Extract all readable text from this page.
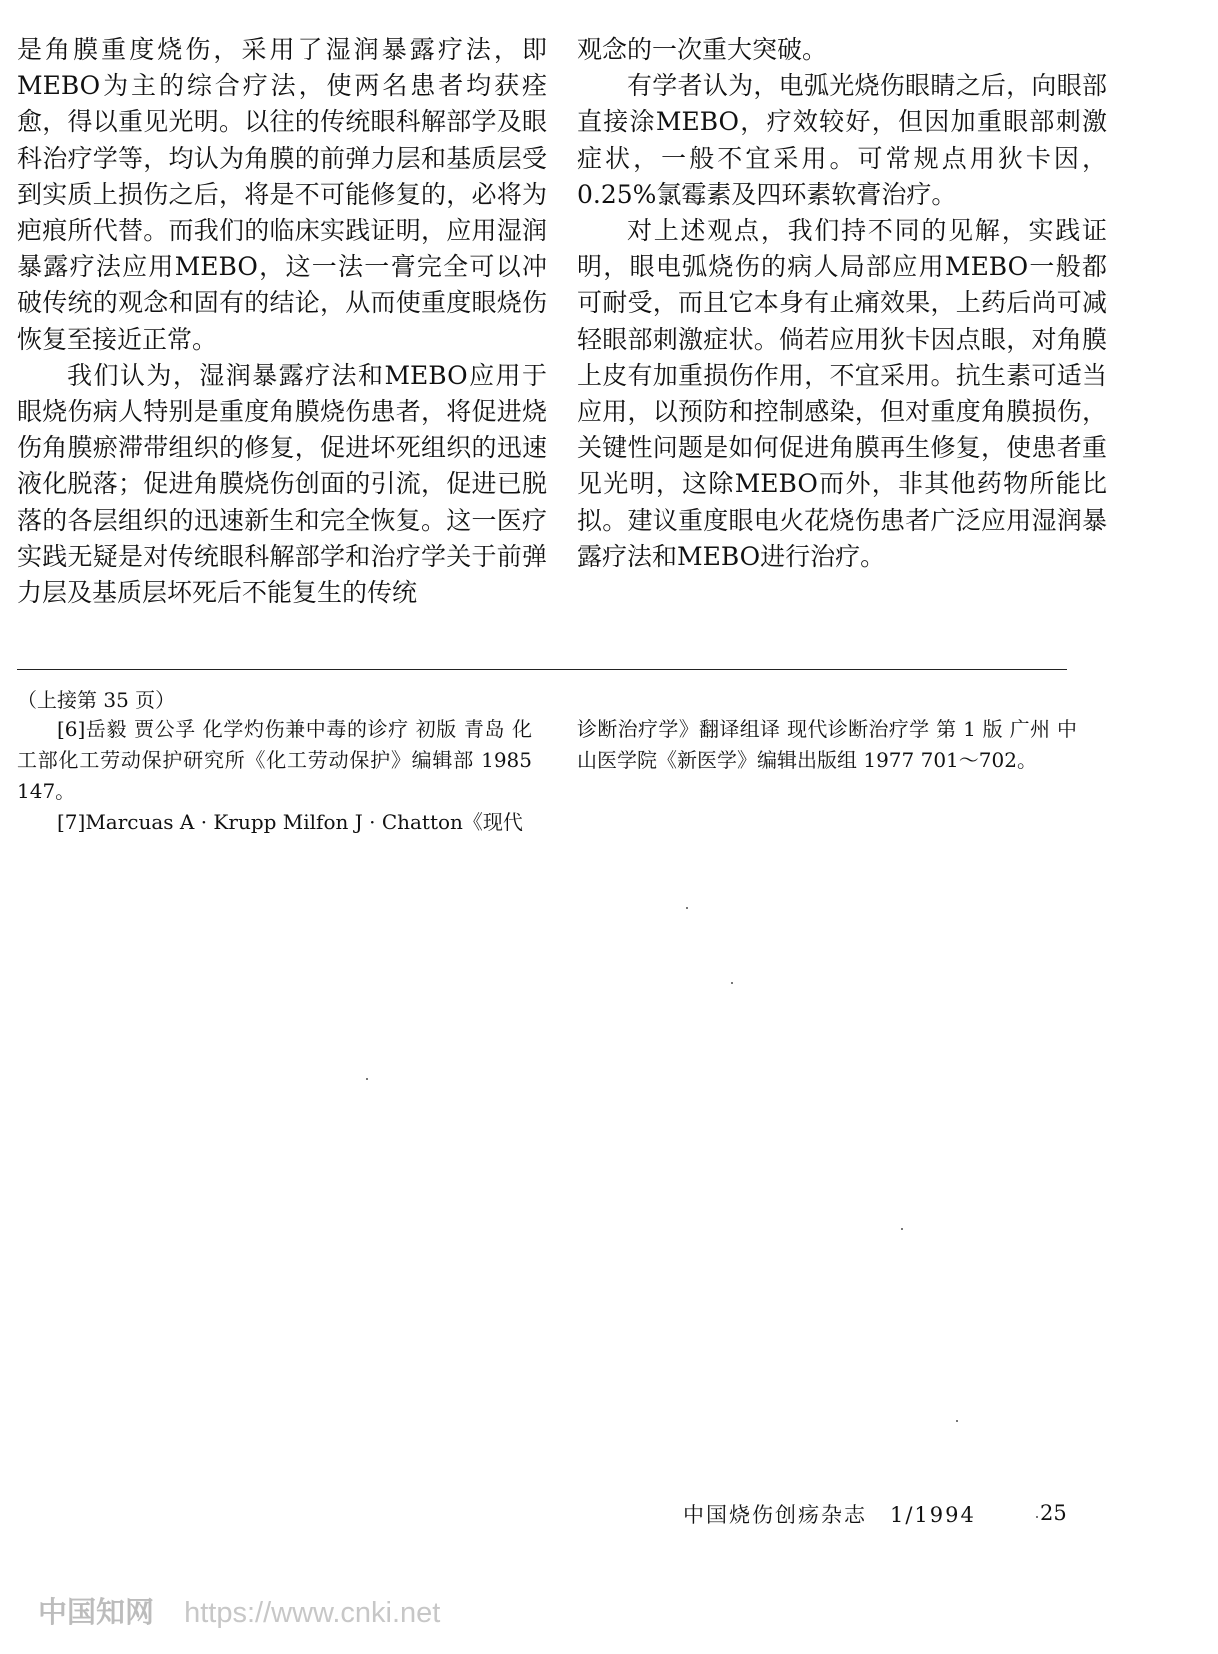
是角膜重度烧伤，采用了湿润暴露疗法，即MEBO为主的综合疗法，使两名患者均获痊愈，得以重见光明。以往的传统眼科解部学及眼科治疗学等，均认为角膜的前弹力层和基质层受到实质上损伤之后，将是不可能修复的，必将为疤痕所代替。而我们的临床实践证明，应用湿润暴露疗法应用MEBO，这一法一膏完全可以冲破传统的观念和固有的结论，从而使重度眼烧伤恢复至接近正常。

我们认为，湿润暴露疗法和MEBO应用于眼烧伤病人特别是重度角膜烧伤患者，将促进烧伤角膜瘀滞带组织的修复，促进坏死组织的迅速液化脱落；促进角膜烧伤创面的引流，促进已脱落的各层组织的迅速新生和完全恢复。这一医疗实践无疑是对传统眼科解部学和治疗学关于前弹力层及基质层坏死后不能复生的传统

观念的一次重大突破。

有学者认为，电弧光烧伤眼睛之后，向眼部直接涂MEBO，疗效较好，但因加重眼部刺激症状，一般不宜采用。可常规点用狄卡因，0.25%氯霉素及四环素软膏治疗。

对上述观点，我们持不同的见解，实践证明，眼电弧烧伤的病人局部应用MEBO一般都可耐受，而且它本身有止痛效果，上药后尚可减轻眼部刺激症状。倘若应用狄卡因点眼，对角膜上皮有加重损伤作用，不宜采用。抗生素可适当应用，以预防和控制感染，但对重度角膜损伤，关键性问题是如何促进角膜再生修复，使患者重见光明，这除MEBO而外，非其他药物所能比拟。建议重度眼电火花烧伤患者广泛应用湿润暴露疗法和MEBO进行治疗。

（上接第 35 页）

[6]岳毅 贾公孚 化学灼伤兼中毒的诊疗 初版 青岛 化工部化工劳动保护研究所《化工劳动保护》编辑部 1985 147。

[7]Marcuas A · Krupp Milfon J · Chatton《现代

诊断治疗学》翻译组译 现代诊断治疗学 第 1 版 广州 中山医学院《新医学》编辑出版组 1977 701～702。

中国烧伤创疡杂志　1/1994	25
中国知网 https://www.cnki.net
